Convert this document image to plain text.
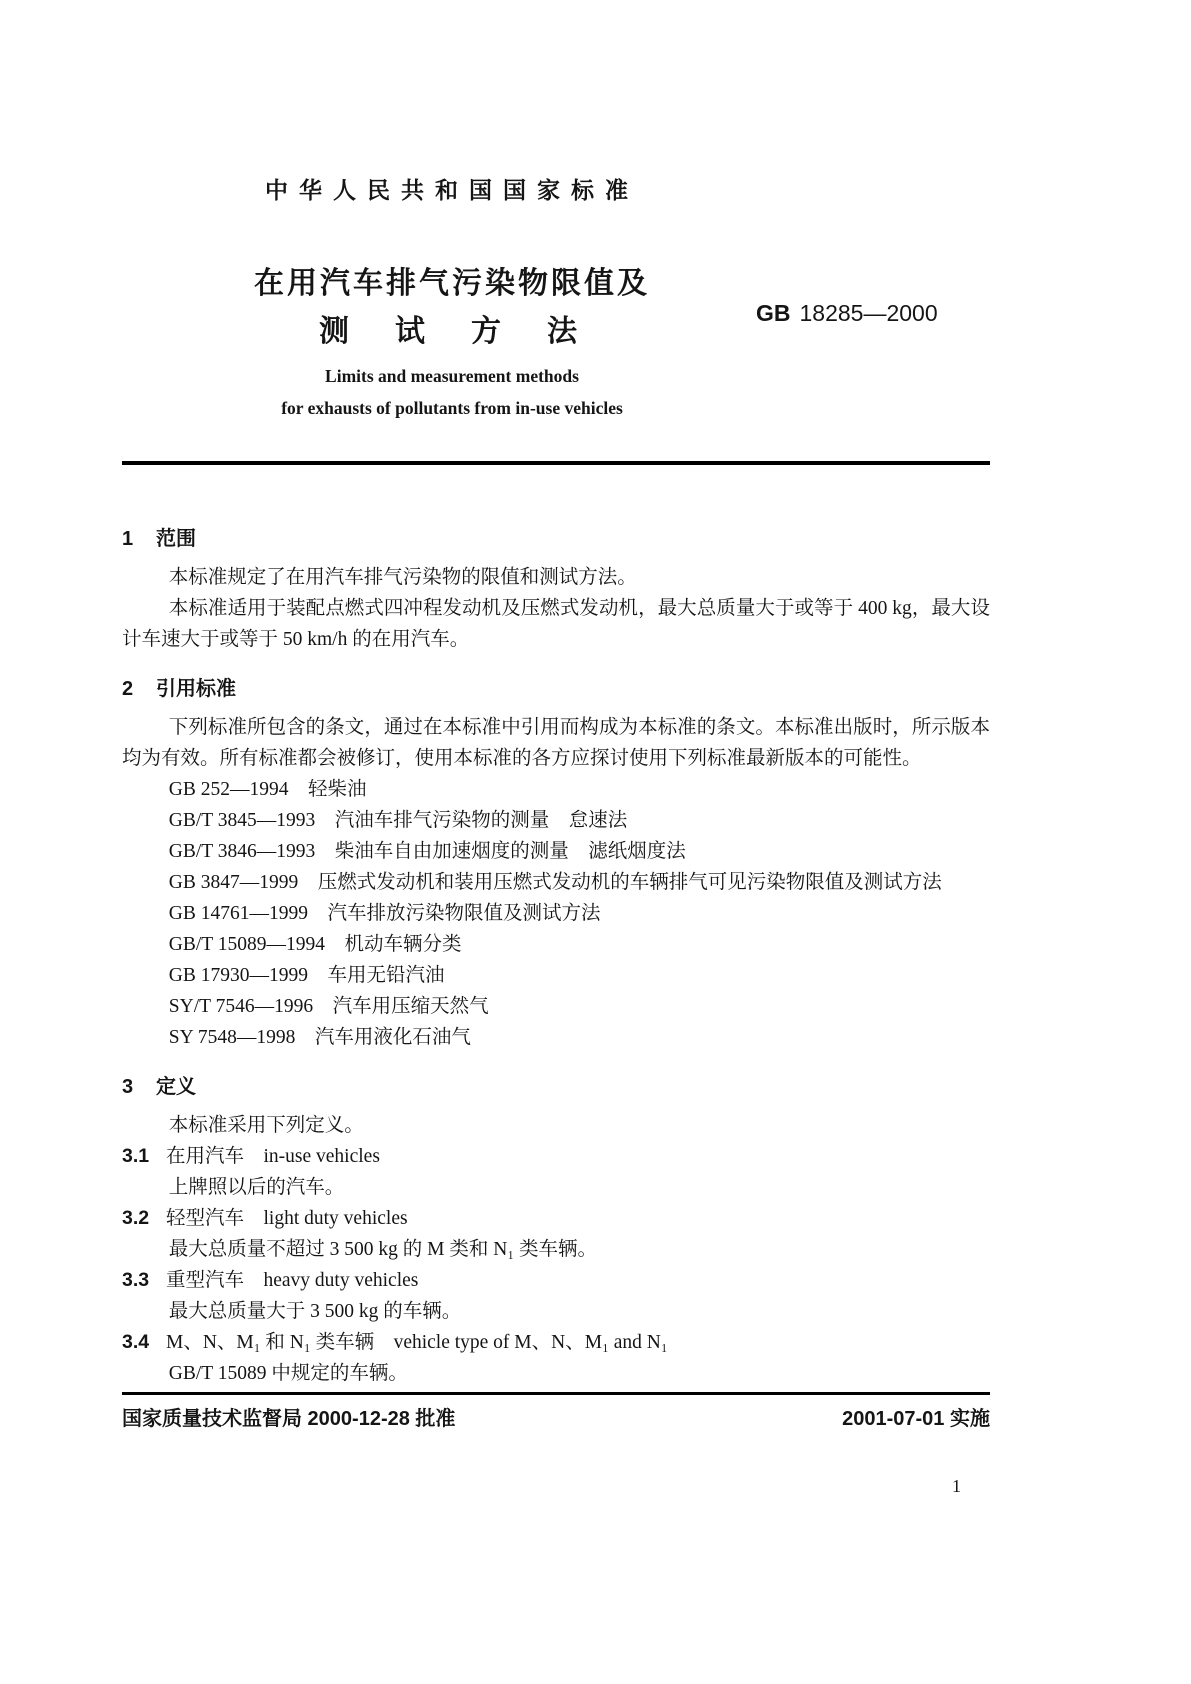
中华人民共和国国家标准
在用汽车排气污染物限值及
测　试　方　法
GB 18285—2000
Limits and measurement methods
for exhausts of pollutants from in-use vehicles
1 范围

本标准规定了在用汽车排气污染物的限值和测试方法。

本标准适用于装配点燃式四冲程发动机及压燃式发动机，最大总质量大于或等于 400 kg，最大设计车速大于或等于 50 km/h 的在用汽车。

2 引用标准

下列标准所包含的条文，通过在本标准中引用而构成为本标准的条文。本标准出版时，所示版本均为有效。所有标准都会被修订，使用本标准的各方应探讨使用下列标准最新版本的可能性。

GB 252—1994　轻柴油

GB/T 3845—1993　汽油车排气污染物的测量　怠速法

GB/T 3846—1993　柴油车自由加速烟度的测量　滤纸烟度法

GB 3847—1999　压燃式发动机和装用压燃式发动机的车辆排气可见污染物限值及测试方法

GB 14761—1999　汽车排放污染物限值及测试方法

GB/T 15089—1994　机动车辆分类

GB 17930—1999　车用无铅汽油

SY/T 7546—1996　汽车用压缩天然气

SY 7548—1998　汽车用液化石油气

3 定义

本标准采用下列定义。

3.1 在用汽车　in-use vehicles

上牌照以后的汽车。

3.2 轻型汽车　light duty vehicles

最大总质量不超过 3 500 kg 的 M 类和 N₁ 类车辆。

3.3 重型汽车　heavy duty vehicles

最大总质量大于 3 500 kg 的车辆。

3.4 M、N、M₁ 和 N₁ 类车辆　vehicle type of M、N、M₁ and N₁

GB/T 15089 中规定的车辆。

国家质量技术监督局 2000-12-28 批准	2001-07-01 实施
1
